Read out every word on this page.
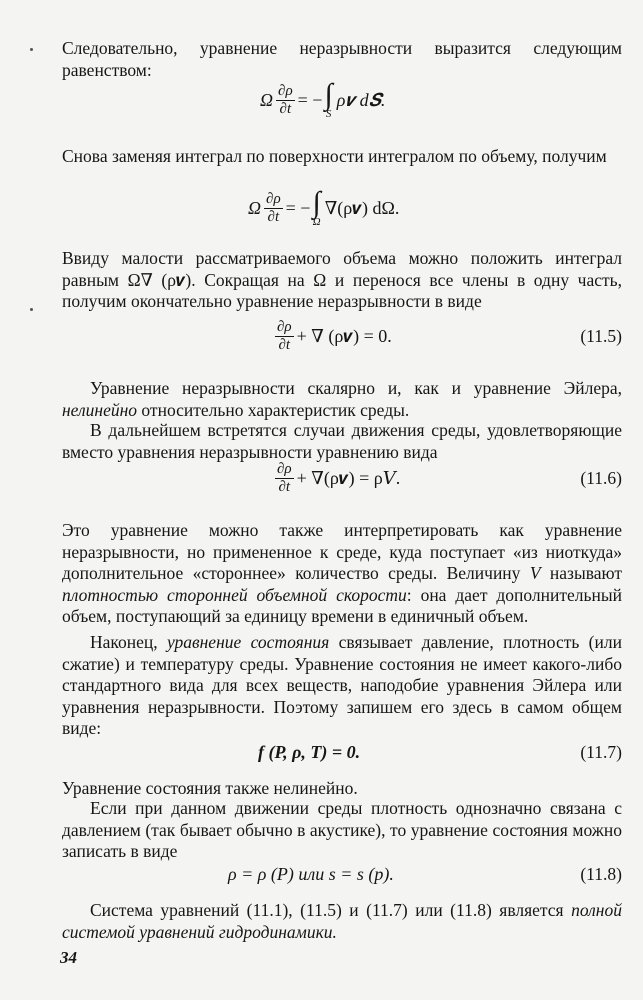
Следовательно, уравнение неразрывности выразится следующим равенством:

Ω $\frac{\partial\rho}{\partial t}$ = − ∫
S
ρ𝒗 d𝑺.

Снова заменяя интеграл по поверхности интегралом по объему, получим

Ω $\frac{\partial\rho}{\partial t}$ = − ∫
Ω
∇(ρ𝒗) dΩ.

Ввиду малости рассматриваемого объема можно положить интеграл равным Ω∇ (ρ𝒗). Сокращая на Ω и перенося все члены в одну часть, получим окончательно уравнение неразрывности в виде

$\frac{\partial\rho}{\partial t}$ + ∇ (ρ𝒗) = 0.	(11.5)

Уравнение неразрывности скалярно и, как и уравнение Эйлера, нелинейно относительно характеристик среды.

В дальнейшем встретятся случаи движения среды, удовлетворяющие вместо уравнения неразрывности уравнению вида

$\frac{\partial\rho}{\partial t}$ + ∇(ρ𝒗) = ρ𝑉.	(11.6)

Это уравнение можно также интерпретировать как уравнение неразрывности, но примененное к среде, куда поступает «из ниоткуда» дополнительное «стороннее» количество среды. Величину V называют плотностью сторонней объемной скорости: она дает дополнительный объем, поступающий за единицу времени в единичный объем.

Наконец, уравнение состояния связывает давление, плотность (или сжатие) и температуру среды. Уравнение состояния не имеет какого-либо стандартного вида для всех веществ, наподобие уравнения Эйлера или уравнения неразрывности. Поэтому запишем его здесь в самом общем виде:

f (P, ρ, T) = 0.	(11.7)

Уравнение состояния также нелинейно.

Если при данном движении среды плотность однозначно связана с давлением (так бывает обычно в акустике), то уравнение состояния можно записать в виде

ρ = ρ (P) или s = s (p).	(11.8)

Система уравнений (11.1), (11.5) и (11.7) или (11.8) является полной системой уравнений гидродинамики.

34
